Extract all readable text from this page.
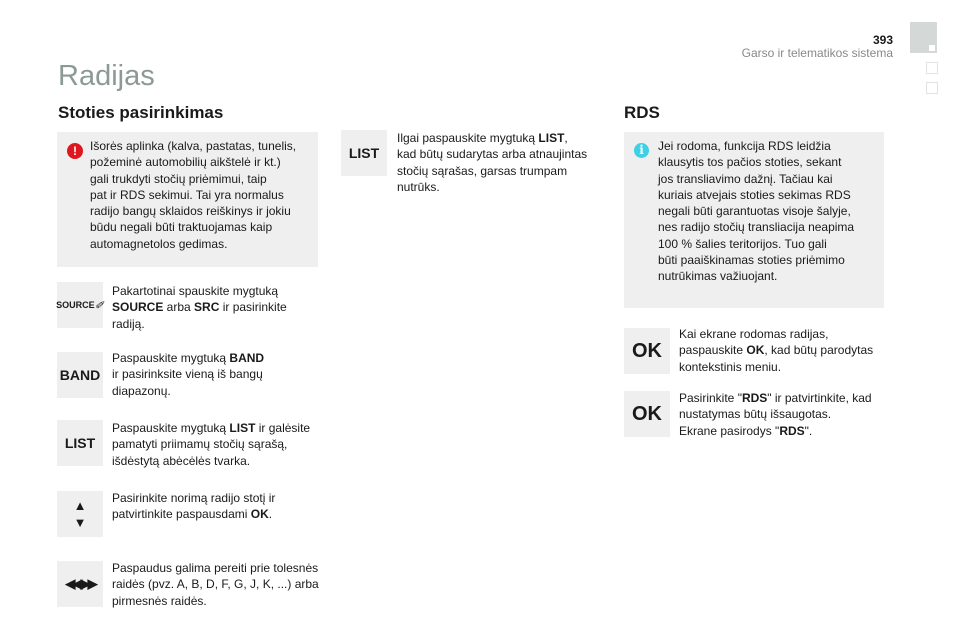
393
Garso ir telematikos sistema
Radijas
Stoties pasirinkimas
!	Išorės aplinka (kalva, pastatas, tunelis,
požeminė automobilių aikštelė ir kt.)
gali trukdyti stočių priėmimui, taip
pat ir RDS sekimui. Tai yra normalus
radijo bangų sklaidos reiškinys ir jokiu
būdu negali būti traktuojamas kaip
automagnetolos gedimas.
SOURCE ✐
Pakartotinai spauskite mygtuką
SOURCE arba SRC ir pasirinkite
radiją.
BAND
Paspauskite mygtuką BAND
ir pasirinksite vieną iš bangų
diapazonų.
LIST
Paspauskite mygtuką LIST ir galėsite
pamatyti priimamų stočių sąrašą,
išdėstytą abėcėlės tvarka.
▲
▼
Pasirinkite norimą radijo stotį ir
patvirtinkite paspausdami OK.
◀◀  ▶▶
Paspaudus galima pereiti prie tolesnės
raidės (pvz. A, B, D, F, G, J, K, ...) arba
pirmesnės raidės.
LIST
Ilgai paspauskite mygtuką LIST,
kad būtų sudarytas arba atnaujintas
stočių sąrašas, garsas trumpam
nutrūks.
RDS
i	Jei rodoma, funkcija RDS leidžia
klausytis tos pačios stoties, sekant
jos transliavimo dažnį. Tačiau kai
kuriais atvejais stoties sekimas RDS
negali būti garantuotas visoje šalyje,
nes radijo stočių transliacija neapima
100 % šalies teritorijos. Tuo gali
būti paaiškinamas stoties priėmimo
nutrūkimas važiuojant.
OK
Kai ekrane rodomas radijas,
paspauskite OK, kad būtų parodytas
kontekstinis meniu.
OK
Pasirinkite "RDS" ir patvirtinkite, kad
nustatymas būtų išsaugotas.
Ekrane pasirodys "RDS".
